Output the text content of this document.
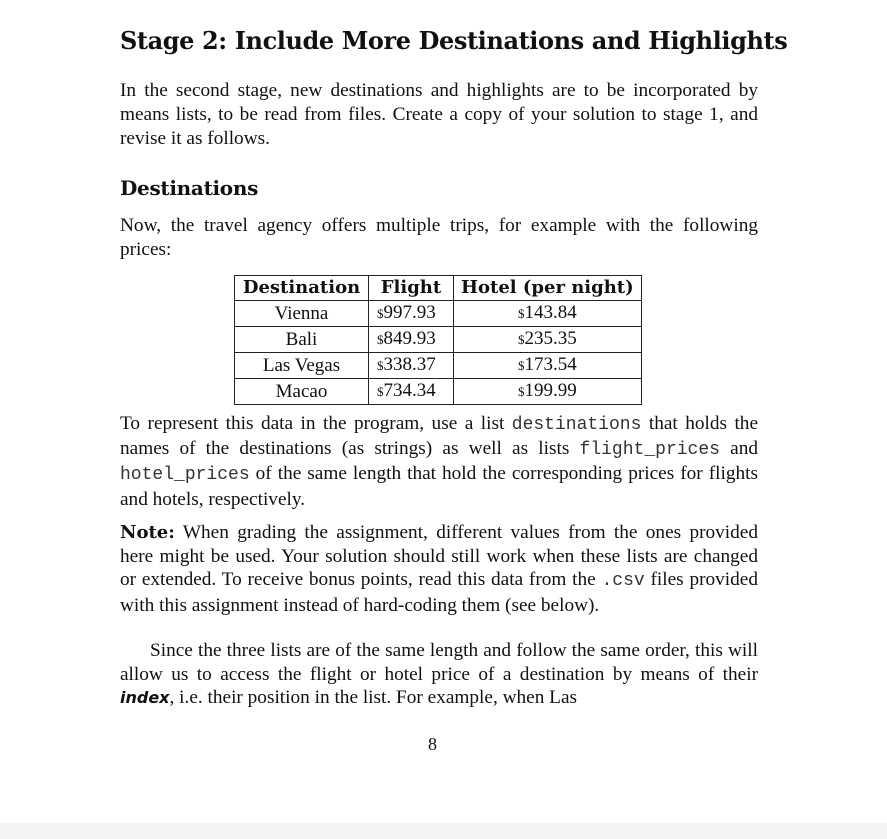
Stage 2: Include More Destinations and Highlights

In the second stage, new destinations and highlights are to be incorporated by means lists, to be read from files. Create a copy of your solution to stage 1, and revise it as follows.

Destinations

Now, the travel agency offers multiple trips, for example with the following prices:

To represent this data in the program, use a list destinations that holds the names of the destinations (as strings) as well as lists flight_prices and hotel_prices of the same length that hold the corresponding prices for flights and hotels, respectively.

Note: When grading the assignment, different values from the ones provided here might be used. Your solution should still work when these lists are changed or extended. To receive bonus points, read this data from the .csv files provided with this assignment instead of hard-coding them (see below).

Since the three lists are of the same length and follow the same order, this will allow us to access the flight or hotel price of a destination by means of their index, i.e. their position in the list. For example, when Las

Destination	Flight	Hotel (per night)
Vienna	$997.93	$143.84
Bali	$849.93	$235.35
Las Vegas	$338.37	$173.54
Macao	$734.34	$199.99
8
